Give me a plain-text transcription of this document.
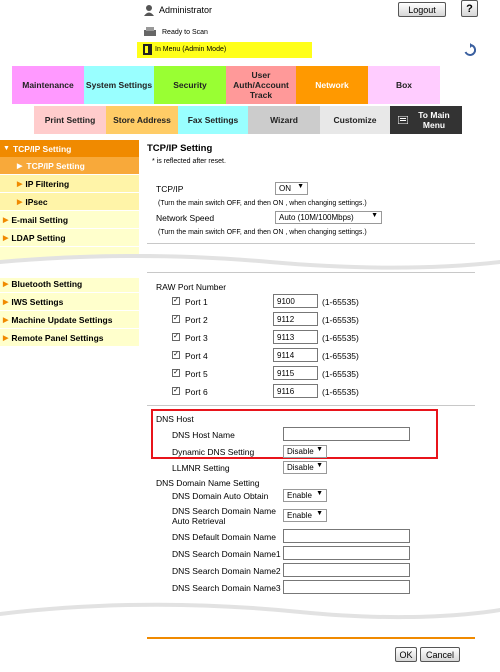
Administrator	Logout	?
Ready to Scan
In Menu (Admin Mode)
Maintenance	System Settings	Security
User Auth/Account Track
Network	Box
Print Setting	Store Address	Fax Settings	Wizard	Customize	To Main Menu
▼ TCP/IP Setting
▶ TCP/IP Setting
▶ IP Filtering
▶ IPsec
▶ E-mail Setting
▶ LDAP Setting
▶ Bluetooth Setting
▶ IWS Settings
▶ Machine Update Settings
▶ Remote Panel Settings
TCP/IP Setting
* is reflected after reset.
TCP/IP	ON ▼
(Turn the main switch OFF, and then ON , when changing settings.)
Network Speed	Auto (10M/100Mbps) ▼
(Turn the main switch OFF, and then ON , when changing settings.)
RAW Port Number
✓ Port 1	9100	(1-65535)
✓ Port 2	9112	(1-65535)
✓ Port 3	9113	(1-65535)
✓ Port 4	9114	(1-65535)
✓ Port 5	9115	(1-65535)
✓ Port 6	9116	(1-65535)
DNS Host
DNS Host Name
Dynamic DNS Setting	Disable ▼
LLMNR Setting	Disable ▼
DNS Domain Name Setting
DNS Domain Auto Obtain Enable ▼
DNS Search Domain Name
Auto Retrieval
Enable ▼
DNS Default Domain Name
DNS Search Domain Name1
DNS Search Domain Name2
DNS Search Domain Name3
OK	Cancel
